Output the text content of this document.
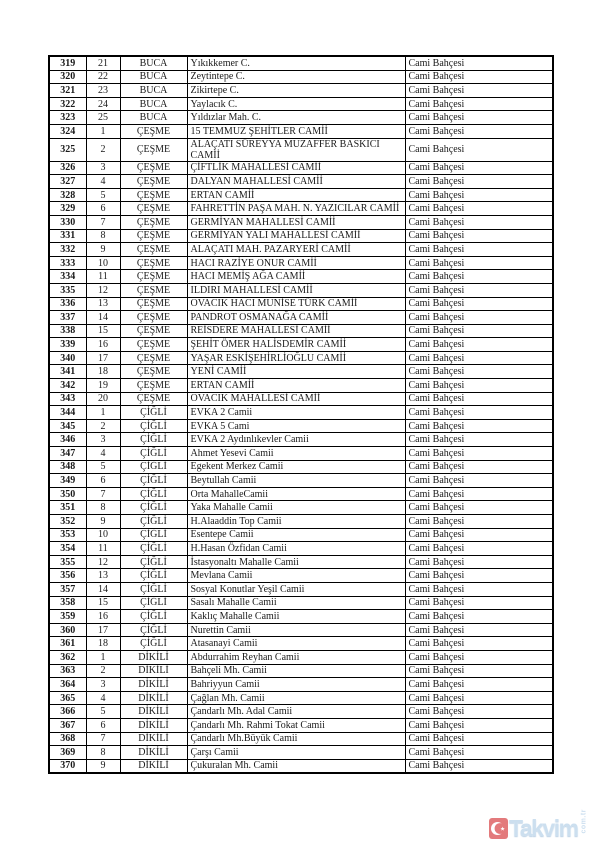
319	21	BUCA	Yıkıkkemer C.	Cami Bahçesi
320	22	BUCA	Zeytintepe C.	Cami Bahçesi
321	23	BUCA	Zikirtepe C.	Cami Bahçesi
322	24	BUCA	Yaylacık C.	Cami Bahçesi
323	25	BUCA	Yıldızlar Mah. C.	Cami Bahçesi
324	1	ÇEŞME	15 TEMMUZ ŞEHİTLER CAMİİ	Cami Bahçesi
325	2	ÇEŞME	ALAÇATI SÜREYYA MUZAFFER BASKICI CAMİİ	Cami Bahçesi
326	3	ÇEŞME	ÇİFTLİK MAHALLESİ CAMİİ	Cami Bahçesi
327	4	ÇEŞME	DALYAN MAHALLESİ CAMİİ	Cami Bahçesi
328	5	ÇEŞME	ERTAN CAMİİ	Cami Bahçesi
329	6	ÇEŞME	FAHRETTİN PAŞA MAH. N. YAZICILAR CAMİİ	Cami Bahçesi
330	7	ÇEŞME	GERMİYAN MAHALLESİ CAMİİ	Cami Bahçesi
331	8	ÇEŞME	GERMİYAN YALI MAHALLESİ CAMİİ	Cami Bahçesi
332	9	ÇEŞME	ALAÇATI MAH. PAZARYERİ CAMİİ	Cami Bahçesi
333	10	ÇEŞME	HACI RAZİYE ONUR CAMİİ	Cami Bahçesi
334	11	ÇEŞME	HACI MEMİŞ AĞA CAMİİ	Cami Bahçesi
335	12	ÇEŞME	ILDIRI MAHALLESİ CAMİİ	Cami Bahçesi
336	13	ÇEŞME	OVACIK HACI MUNİSE TÜRK CAMİİ	Cami Bahçesi
337	14	ÇEŞME	PANDROT OSMANAĞA CAMİİ	Cami Bahçesi
338	15	ÇEŞME	REİSDERE MAHALLESİ CAMİİ	Cami Bahçesi
339	16	ÇEŞME	ŞEHİT ÖMER HALİSDEMİR CAMİİ	Cami Bahçesi
340	17	ÇEŞME	YAŞAR ESKİŞEHİRLİOĞLU CAMİİ	Cami Bahçesi
341	18	ÇEŞME	YENİ CAMİİ	Cami Bahçesi
342	19	ÇEŞME	ERTAN CAMİİ	Cami Bahçesi
343	20	ÇEŞME	OVACIK MAHALLESİ CAMİİ	Cami Bahçesi
344	1	ÇİĞLİ	EVKA 2 Camii	Cami Bahçesi
345	2	ÇİĞLİ	EVKA 5 Cami	Cami Bahçesi
346	3	ÇİĞLİ	EVKA 2 Aydınlıkevler Camii	Cami Bahçesi
347	4	ÇİĞLİ	Ahmet Yesevi Camii	Cami Bahçesi
348	5	ÇİĞLİ	Egekent Merkez Camii	Cami Bahçesi
349	6	ÇİĞLİ	Beytullah Camii	Cami Bahçesi
350	7	ÇİĞLİ	Orta MahalleCamii	Cami Bahçesi
351	8	ÇİĞLİ	Yaka Mahalle Camii	Cami Bahçesi
352	9	ÇİĞLİ	H.Alaaddin Top Camii	Cami Bahçesi
353	10	ÇİĞLİ	Esentepe Camii	Cami Bahçesi
354	11	ÇİĞLİ	H.Hasan Özfidan Camii	Cami Bahçesi
355	12	ÇİĞLİ	İstasyonaltı Mahalle Camii	Cami Bahçesi
356	13	ÇİĞLİ	Mevlana Camii	Cami Bahçesi
357	14	ÇİĞLİ	Sosyal Konutlar Yeşil Camii	Cami Bahçesi
358	15	ÇİĞLİ	Sasalı Mahalle Camii	Cami Bahçesi
359	16	ÇİĞLİ	Kaklıç Mahalle Camii	Cami Bahçesi
360	17	ÇİĞLİ	Nurettin Camii	Cami Bahçesi
361	18	ÇİĞLİ	Atasanayi Camii	Cami Bahçesi
362	1	DİKİLİ	Abdurrahim Reyhan Camii	Cami Bahçesi
363	2	DİKİLİ	Bahçeli Mh. Camii	Cami Bahçesi
364	3	DİKİLİ	Bahriyyun Camii	Cami Bahçesi
365	4	DİKİLİ	Çağlan Mh. Camii	Cami Bahçesi
366	5	DİKİLİ	Çandarlı Mh. Adal Camii	Cami Bahçesi
367	6	DİKİLİ	Çandarlı Mh. Rahmi Tokat Camii	Cami Bahçesi
368	7	DİKİLİ	Çandarlı Mh.Büyük Camii	Cami Bahçesi
369	8	DİKİLİ	Çarşı Camii	Cami Bahçesi
370	9	DİKİLİ	Çukuralan Mh. Camii	Cami Bahçesi
Takvim com.tr
